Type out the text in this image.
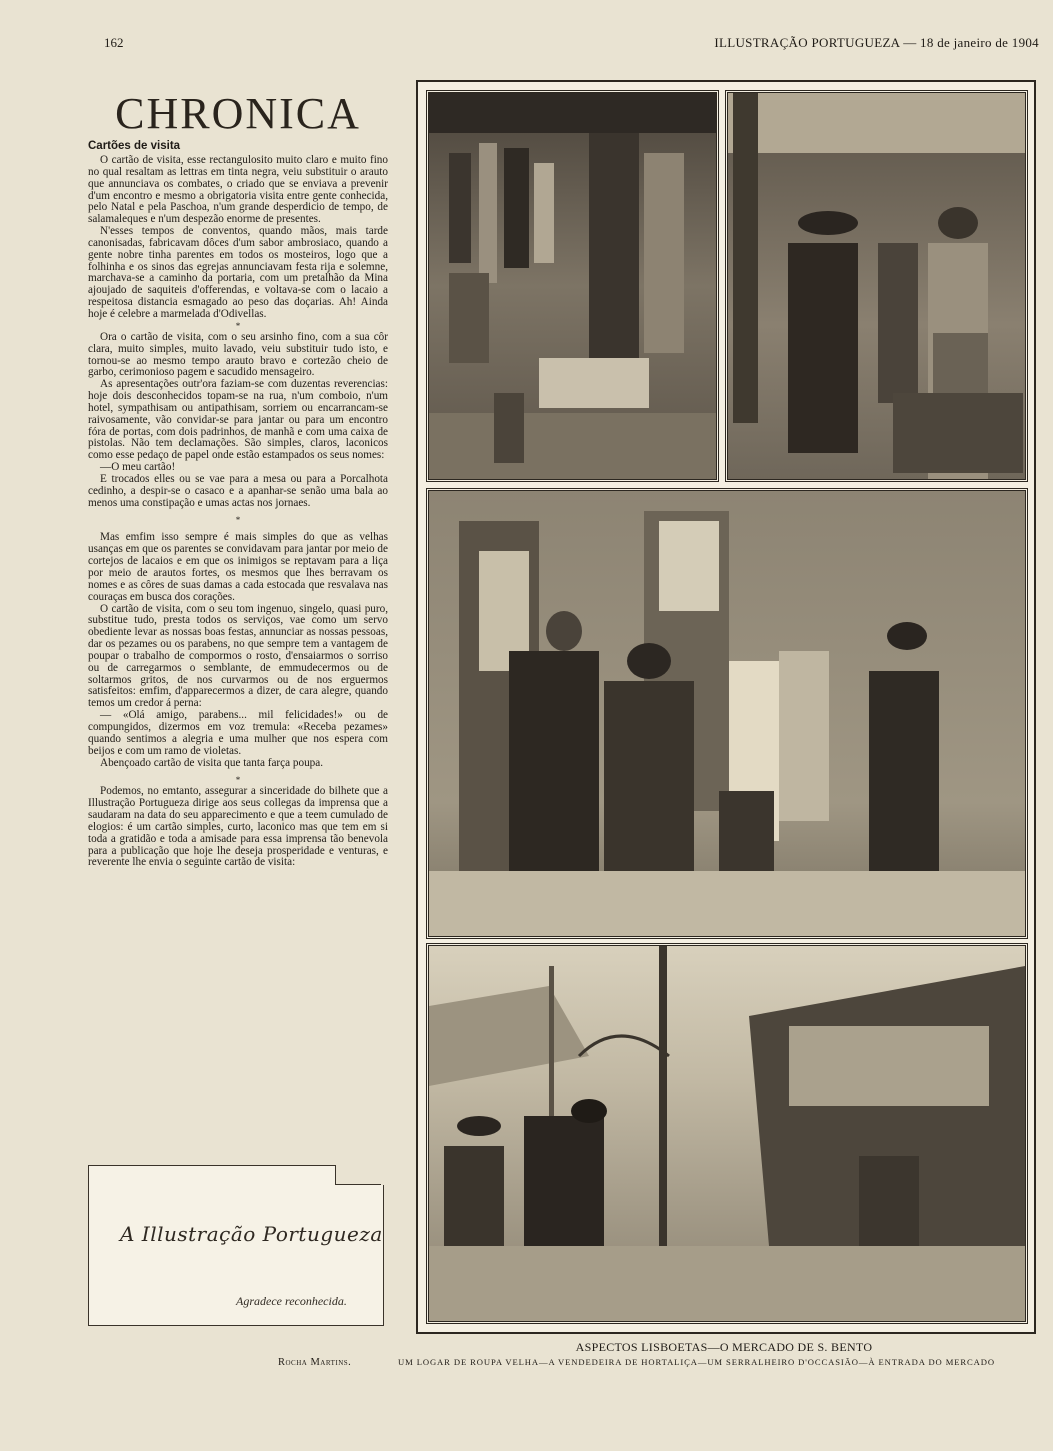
162	ILLUSTRAÇÃO PORTUGUEZA — 18 de janeiro de 1904
CHRONICA
Cartões de visita

O cartão de visita, esse rectangulosito muito claro e muito fino no qual resaltam as lettras em tinta negra, veiu substituir o arauto que annunciava os combates, o criado que se enviava a prevenir d'um encontro e mesmo a obrigatoria visita entre gente conhecida, pelo Natal e pela Paschoa, n'um grande desperdicio de tempo, de salamaleques e n'um despezão enorme de presentes.

N'esses tempos de conventos, quando mãos, mais tarde canonisadas, fabricavam dôces d'um sabor ambrosiaco, quando a gente nobre tinha parentes em todos os mosteiros, logo que a folhinha e os sinos das egrejas annunciavam festa rija e solemne, marchava-se a caminho da portaria, com um pretalhão da Mina ajoujado de saquiteis d'offerendas, e voltava-se com o lacaio a respeitosa distancia esmagado ao peso das doçarias. Ah! Ainda hoje é celebre a marmelada d'Odivellas.

*

Ora o cartão de visita, com o seu arsinho fino, com a sua côr clara, muito simples, muito lavado, veiu substituir tudo isto, e tornou-se ao mesmo tempo arauto bravo e cortezão cheio de garbo, cerimonioso pagem e sacudido mensageiro.

As apresentações outr'ora faziam-se com duzentas reverencias: hoje dois desconhecidos topam-se na rua, n'um comboio, n'um hotel, sympathisam ou antipathisam, sorriem ou encarrancam-se raivosamente, vão convidar-se para jantar ou para um encontro fóra de portas, com dois padrinhos, de manhã e com uma caixa de pistolas. Não tem declamações. São simples, claros, laconicos como esse pedaço de papel onde estão estampados os seus nomes:

—O meu cartão!

E trocados elles ou se vae para a mesa ou para a Porcalhota cedinho, a despir-se o casaco e a apanhar-se senão uma bala ao menos uma constipação e umas actas nos jornaes.

*

Mas emfim isso sempre é mais simples do que as velhas usanças em que os parentes se convidavam para jantar por meio de cortejos de lacaios e em que os inimigos se reptavam para a liça por meio de arautos fortes, os mesmos que lhes berravam os nomes e as côres de suas damas a cada estocada que resvalava nas couraças em busca dos corações.

O cartão de visita, com o seu tom ingenuo, singelo, quasi puro, substitue tudo, presta todos os serviços, vae como um servo obediente levar as nossas boas festas, annunciar as nossas pessoas, dar os pezames ou os parabens, no que sempre tem a vantagem de poupar o trabalho de compormos o rosto, d'ensaiarmos o sorriso ou de carregarmos o semblante, de emmudecermos ou de soltarmos gritos, de nos curvarmos ou de nos erguermos satisfeitos: emfim, d'apparecermos a dizer, de cara alegre, quando temos um credor á perna:

— «Olá amigo, parabens... mil felicidades!» ou de compungidos, dizermos em voz tremula: «Receba pezames» quando sentimos a alegria e uma mulher que nos espera com beijos e com um ramo de violetas.

Abençoado cartão de visita que tanta farça poupa.

*

Podemos, no emtanto, assegurar a sinceridade do bilhete que a Illustração Portugueza dirige aos seus collegas da imprensa que a saudaram na data do seu apparecimento e que a teem cumulado de elogios: é um cartão simples, curto, laconico mas que tem em si toda a gratidão e toda a amisade para essa imprensa tão benevola para a publicação que hoje lhe deseja prosperidade e venturas, e reverente lhe envia o seguinte cartão de visita:

A Illustração Portugueza
Agradece reconhecida.
Rocha Martins.
ASPECTOS LISBOETAS—O MERCADO DE S. BENTO
UM LOGAR DE ROUPA VELHA—A VENDEDEIRA DE HORTALIÇA—UM SERRALHEIRO D'OCCASIÃO—À ENTRADA DO MERCADO
